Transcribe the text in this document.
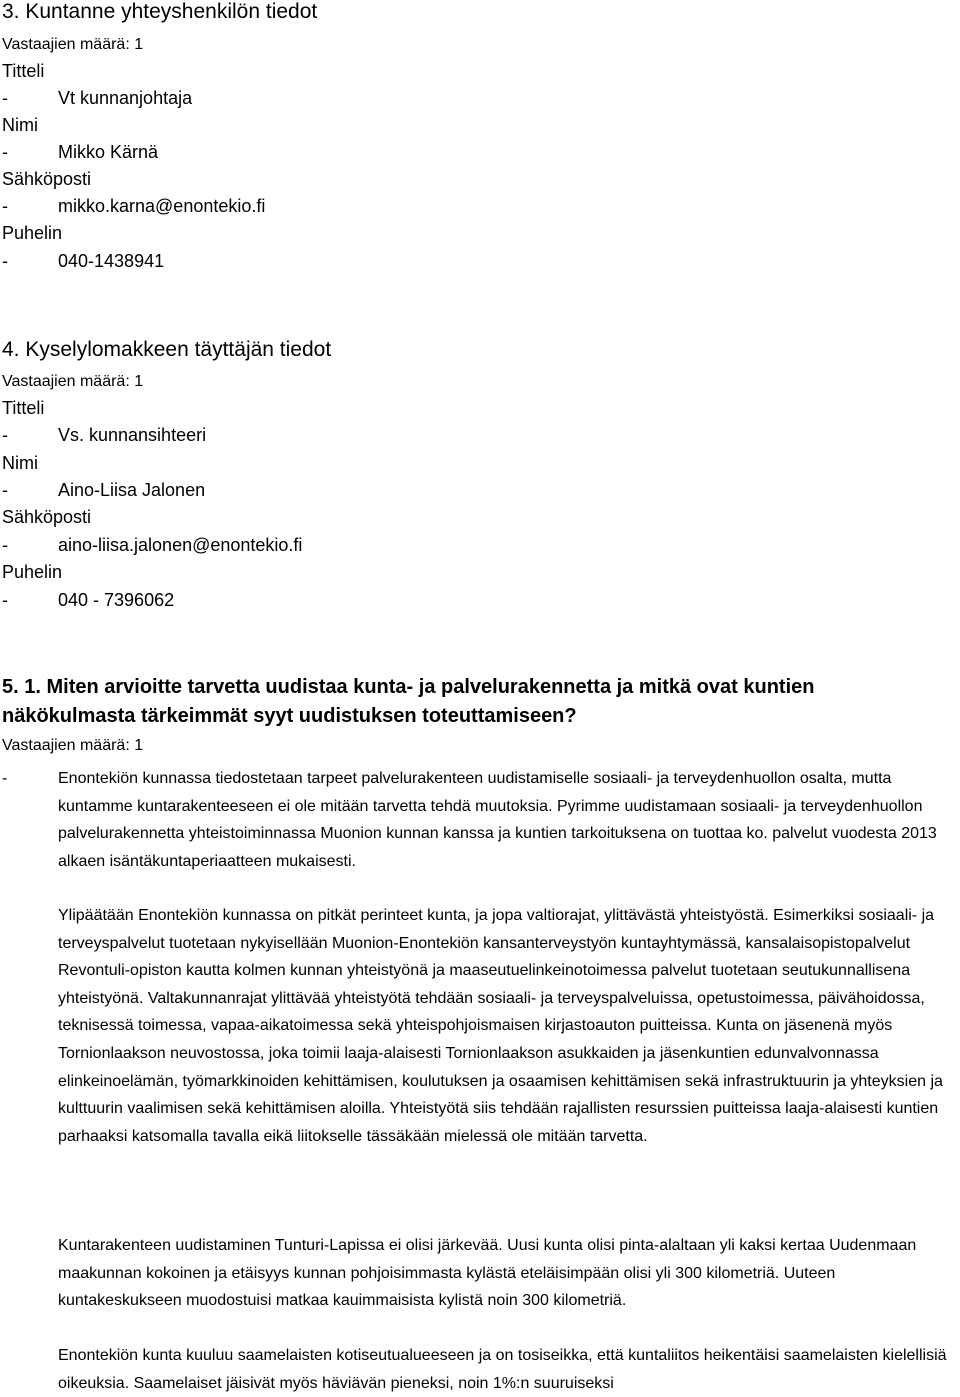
3. Kuntanne yhteyshenkilön tiedot
Vastaajien määrä: 1
Titteli
-	Vt kunnanjohtaja
Nimi
-	Mikko Kärnä
Sähköposti
-	mikko.karna@enontekio.fi
Puhelin
-	040-1438941
4. Kyselylomakkeen täyttäjän tiedot
Vastaajien määrä: 1
Titteli
-	Vs. kunnansihteeri
Nimi
-	Aino-Liisa Jalonen
Sähköposti
-	aino-liisa.jalonen@enontekio.fi
Puhelin
-	040 - 7396062
5. 1. Miten arvioitte tarvetta uudistaa kunta- ja palvelurakennetta ja mitkä ovat kuntien näkökulmasta tärkeimmät syyt uudistuksen toteuttamiseen?
Vastaajien määrä: 1
-	Enontekiön kunnassa tiedostetaan tarpeet palvelurakenteen uudistamiselle sosiaali- ja terveydenhuollon osalta, mutta kuntamme kuntarakenteeseen ei ole mitään tarvetta tehdä muutoksia. Pyrimme uudistamaan sosiaali- ja terveydenhuollon palvelurakennetta yhteistoiminnassa Muonion kunnan kanssa ja kuntien tarkoituksena on tuottaa ko. palvelut vuodesta 2013 alkaen isäntäkuntaperiaatteen mukaisesti.

Ylipäätään Enontekiön kunnassa on pitkät perinteet kunta, ja jopa valtiorajat, ylittävästä yhteistyöstä. Esimerkiksi sosiaali- ja terveyspalvelut tuotetaan nykyisellään Muonion-Enontekiön kansanterveystyön kuntayhtymässä, kansalaisopistopalvelut Revontuli-opiston kautta kolmen kunnan yhteistyönä ja maaseutuelinkeinotoimessa palvelut tuotetaan seutukunnallisena yhteistyönä. Valtakunnanrajat ylittävää yhteistyötä tehdään sosiaali- ja terveyspalveluissa, opetustoimessa, päivähoidossa, teknisessä toimessa, vapaa-aikatoimessa sekä yhteispohjoismaisen kirjastoauton puitteissa. Kunta on jäsenenä myös Tornionlaakson neuvostossa, joka toimii laaja-alaisesti Tornionlaakson asukkaiden ja jäsenkuntien edunvalvonnassa elinkeinoelämän, työmarkkinoiden kehittämisen, koulutuksen ja osaamisen kehittämisen sekä infrastruktuurin ja yhteyksien ja kulttuurin vaalimisen sekä kehittämisen aloilla. Yhteistyötä siis tehdään rajallisten resurssien puitteissa laaja-alaisesti kuntien parhaaksi katsomalla tavalla eikä liitokselle tässäkään mielessä ole mitään tarvetta.

Kuntarakenteen uudistaminen Tunturi-Lapissa ei olisi järkevää. Uusi kunta olisi pinta-alaltaan yli kaksi kertaa Uudenmaan maakunnan kokoinen ja etäisyys kunnan pohjoisimmasta kylästä eteläisimpään olisi yli 300 kilometriä. Uuteen kuntakeskukseen muodostuisi matkaa kauimmaisista kylistä noin 300 kilometriä.

Enontekiön kunta kuuluu saamelaisten kotiseutualueeseen ja on tosiseikka, että kuntaliitos heikentäisi saamelaisten kielellisiä oikeuksia. Saamelaiset jäisivät myös häviävän pieneksi, noin 1%:n suuruiseksi
